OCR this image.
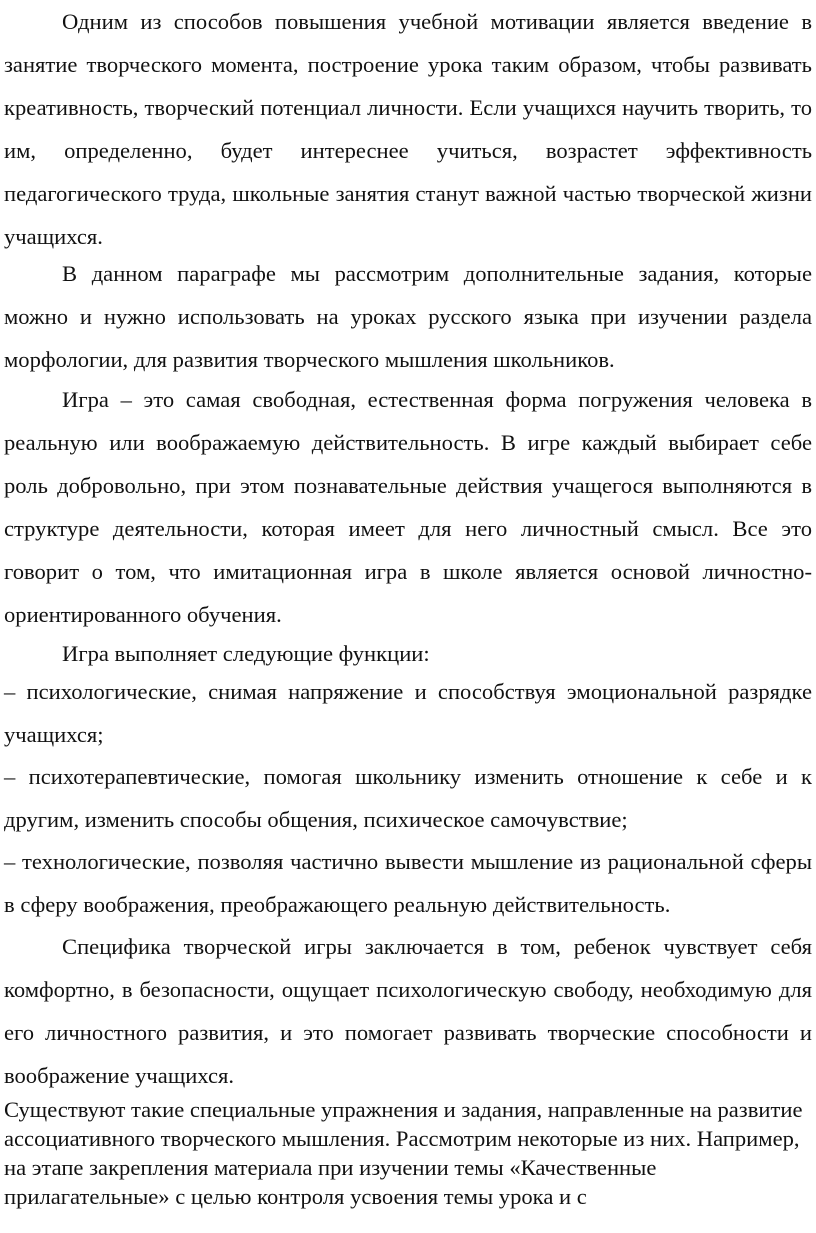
Одним из способов повышения учебной мотивации является введение в занятие творческого момента, построение урока таким образом, чтобы развивать креативность, творческий потенциал личности. Если учащихся научить творить, то им, определенно, будет интереснее учиться, возрастет эффективность педагогического труда, школьные занятия станут важной частью творческой жизни учащихся.

В данном параграфе мы рассмотрим дополнительные задания, которые можно и нужно использовать на уроках русского языка при изучении раздела морфологии, для развития творческого мышления школьников.

Игра – это самая свободная, естественная форма погружения человека в реальную или воображаемую действительность. В игре каждый выбирает себе роль добровольно, при этом познавательные действия учащегося выполняются в структуре деятельности, которая имеет для него личностный смысл. Все это говорит о том, что имитационная игра в школе является основой личностно-ориентированного обучения.

Игра выполняет следующие функции:

– психологические, снимая напряжение и способствуя эмоциональной разрядке учащихся;

– психотерапевтические, помогая школьнику изменить отношение к себе и к другим, изменить способы общения, психическое самочувствие;

– технологические, позволяя частично вывести мышление из рациональной сферы в сферу воображения, преображающего реальную действительность.

Специфика творческой игры заключается в том, ребенок чувствует себя комфортно, в безопасности, ощущает психологическую свободу, необходимую для его личностного развития, и это помогает развивать творческие способности и воображение учащихся.

Существуют такие специальные упражнения и задания, направленные на развитие ассоциативного творческого мышления. Рассмотрим некоторые из них. Например, на этапе закрепления материала при изучении темы «Качественные прилагательные» с целью контроля усвоения темы урока и с
